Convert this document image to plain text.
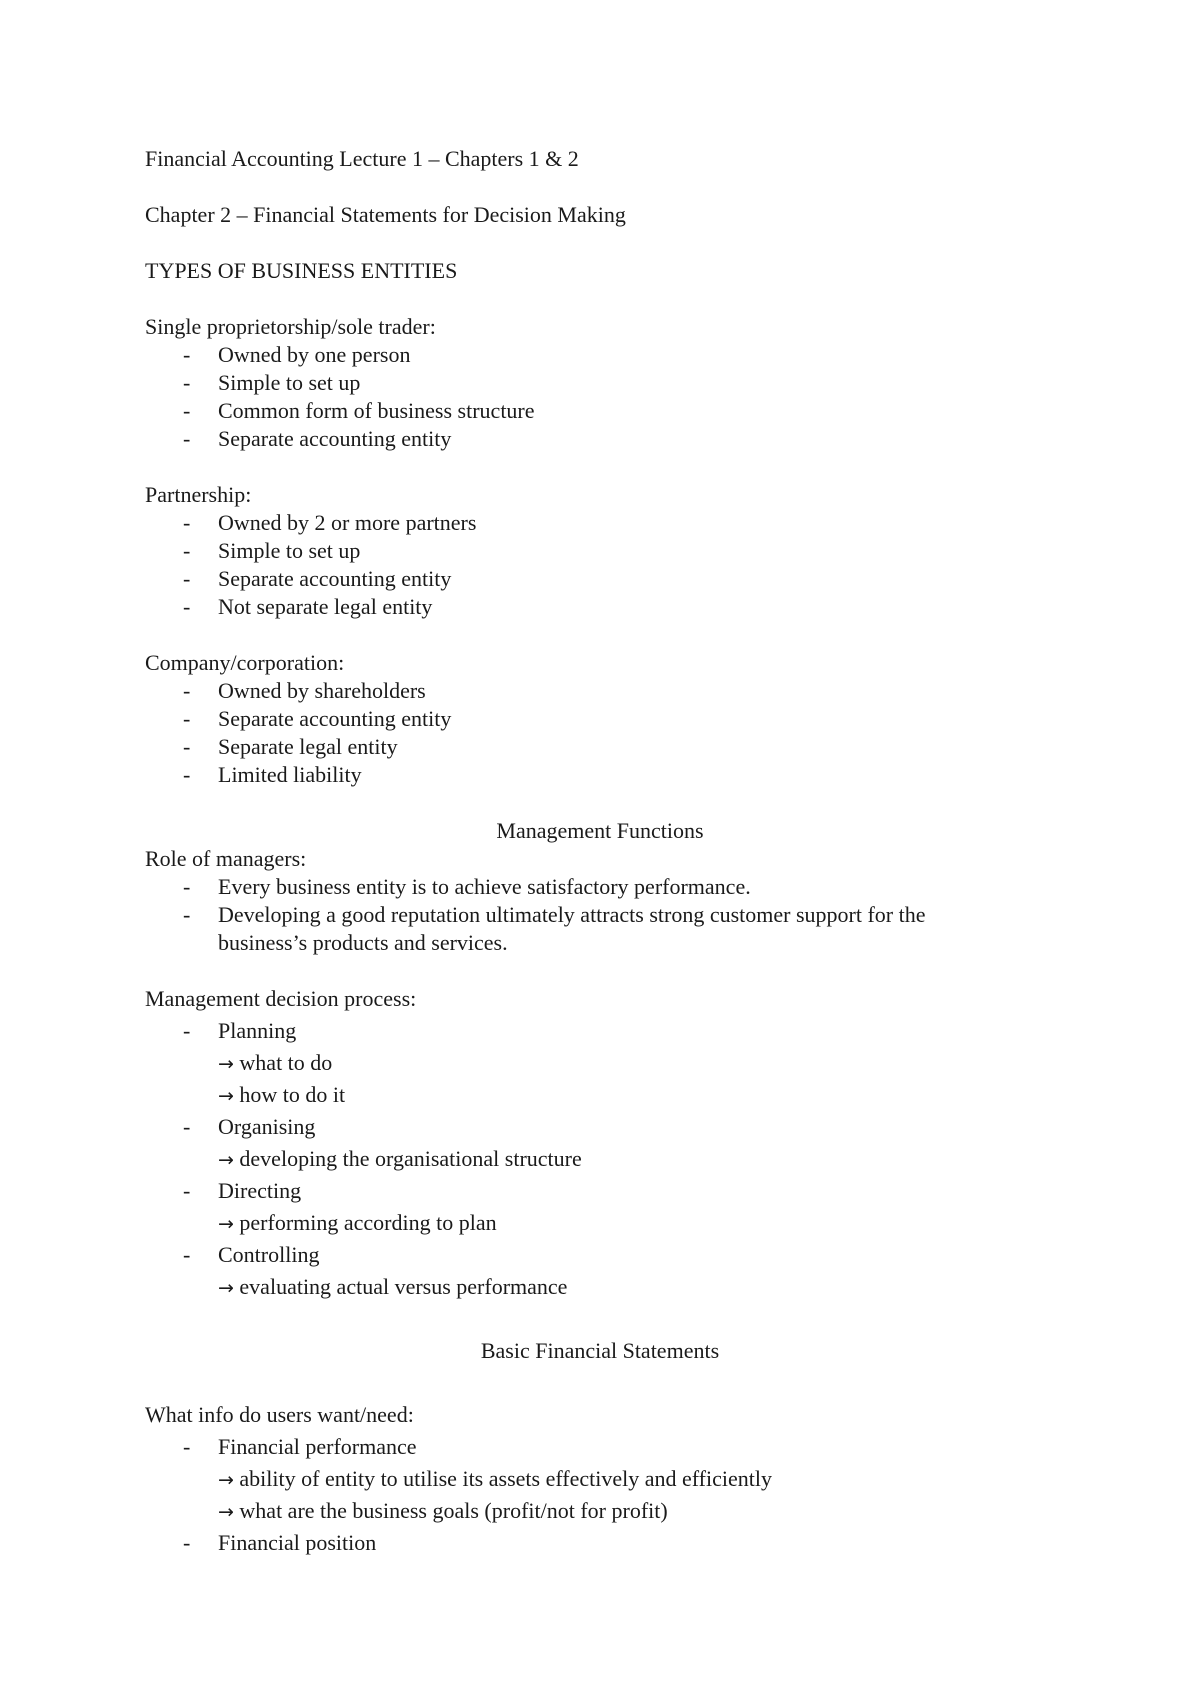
Financial Accounting Lecture 1 – Chapters 1 & 2
Chapter 2 – Financial Statements for Decision Making
TYPES OF BUSINESS ENTITIES
Single proprietorship/sole trader:
- Owned by one person
- Simple to set up
- Common form of business structure
- Separate accounting entity
Partnership:
- Owned by 2 or more partners
- Simple to set up
- Separate accounting entity
- Not separate legal entity
Company/corporation:
- Owned by shareholders
- Separate accounting entity
- Separate legal entity
- Limited liability
Management Functions
Role of managers:
- Every business entity is to achieve satisfactory performance.
- Developing a good reputation ultimately attracts strong customer support for the
business’s products and services.
Management decision process:
- Planning
→ what to do
→ how to do it
- Organising
→ developing the organisational structure
- Directing
→ performing according to plan
- Controlling
→ evaluating actual versus performance
Basic Financial Statements
What info do users want/need:
- Financial performance
→ ability of entity to utilise its assets effectively and efficiently
→ what are the business goals (profit/not for profit)
- Financial position
